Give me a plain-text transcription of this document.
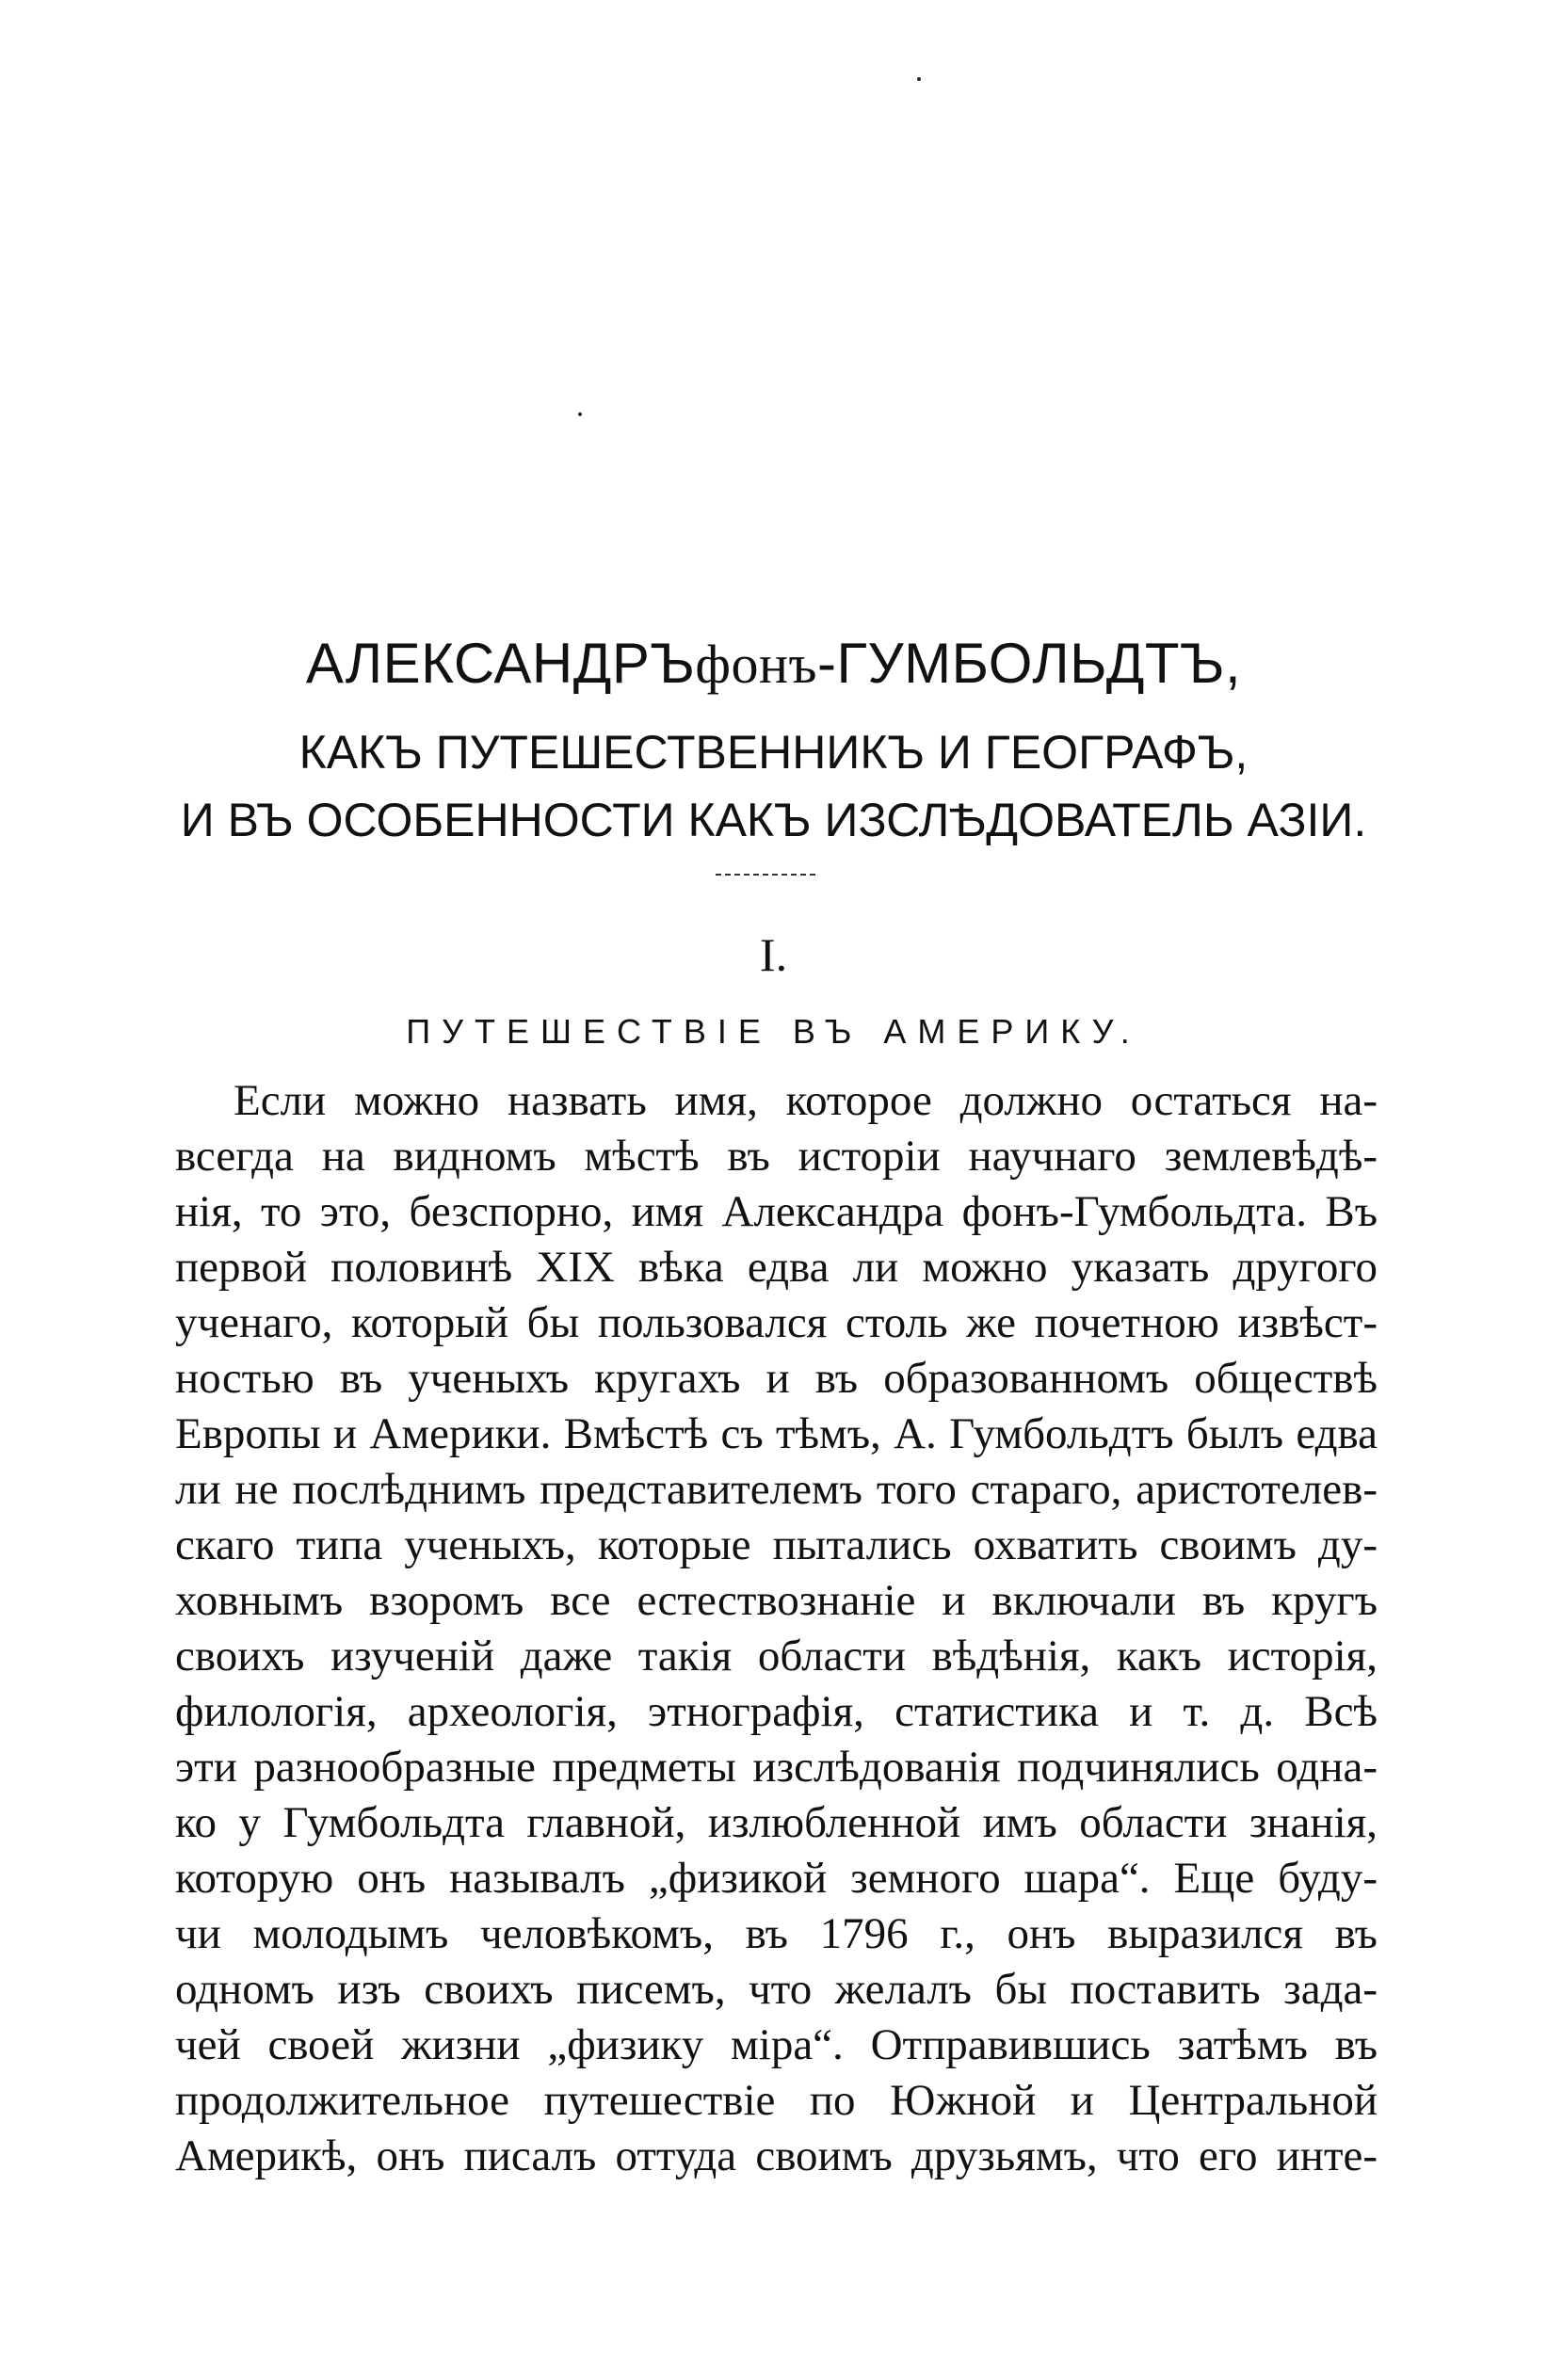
АЛЕКСАНДРЪфонъ-ГУМБОЛЬДТЪ,
КАКЪ ПУТЕШЕСТВЕННИКЪ И ГЕОГРАФЪ,
И ВЪ ОСОБЕННОСТИ КАКЪ ИЗСЛѢДОВАТЕЛЬ АЗІИ.
I.
ПУТЕШЕСТВІЕ ВЪ АМЕРИКУ.
Если можно назвать имя, которое должно остаться на-
всегда на видномъ мѣстѣ въ исторіи научнаго землевѣдѣ-
нія, то это, безспорно, имя Александра фонъ-Гумбольдта. Въ
первой половинѣ XIX вѣка едва ли можно указать другого
ученаго, который бы пользовался столь же почетною извѣст-
ностью въ ученыхъ кругахъ и въ образованномъ обществѣ
Европы и Америки. Вмѣстѣ съ тѣмъ, А. Гумбольдтъ былъ едва
ли не послѣднимъ представителемъ того стараго, аристотелев-
скаго типа ученыхъ, которые пытались охватить своимъ ду-
ховнымъ взоромъ все естествознаніе и включали въ кругъ
своихъ изученій даже такія области вѣдѣнія, какъ исторія,
филологія, археологія, этнографія, статистика и т. д. Всѣ
эти разнообразные предметы изслѣдованія подчинялись одна-
ко у Гумбольдта главной, излюбленной имъ области знанія,
которую онъ называлъ „физикой земного шара“. Еще буду-
чи молодымъ человѣкомъ, въ 1796 г., онъ выразился въ
одномъ изъ своихъ писемъ, что желалъ бы поставить зада-
чей своей жизни „физику міра“. Отправившись затѣмъ въ
продолжительное путешествіе по Южной и Центральной
Америкѣ, онъ писалъ оттуда своимъ друзьямъ, что его инте-
